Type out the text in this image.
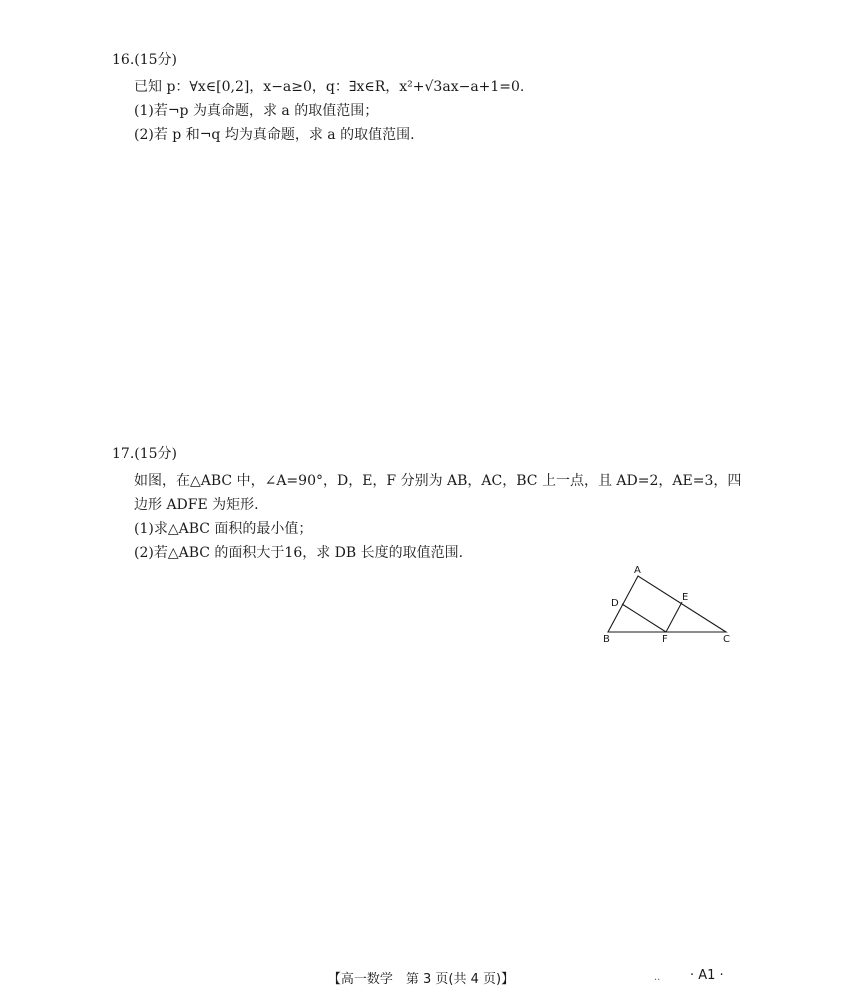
16.(15分)
已知 p：∀x∈[0,2]，x−a≥0，q：∃x∈R，x²+√3ax−a+1=0.
(1)若¬p 为真命题，求 a 的取值范围；
(2)若 p 和¬q 均为真命题，求 a 的取值范围.
17.(15分)
如图，在△ABC 中，∠A=90°，D，E，F 分别为 AB，AC，BC 上一点，且 AD=2，AE=3，四
边形 ADFE 为矩形.
(1)求△ABC 面积的最小值；
(2)若△ABC 的面积大于16，求 DB 长度的取值范围.
A
D
E
B	F	C
【高一数学　第 3 页(共 4 页)】	.. · A1 ·
